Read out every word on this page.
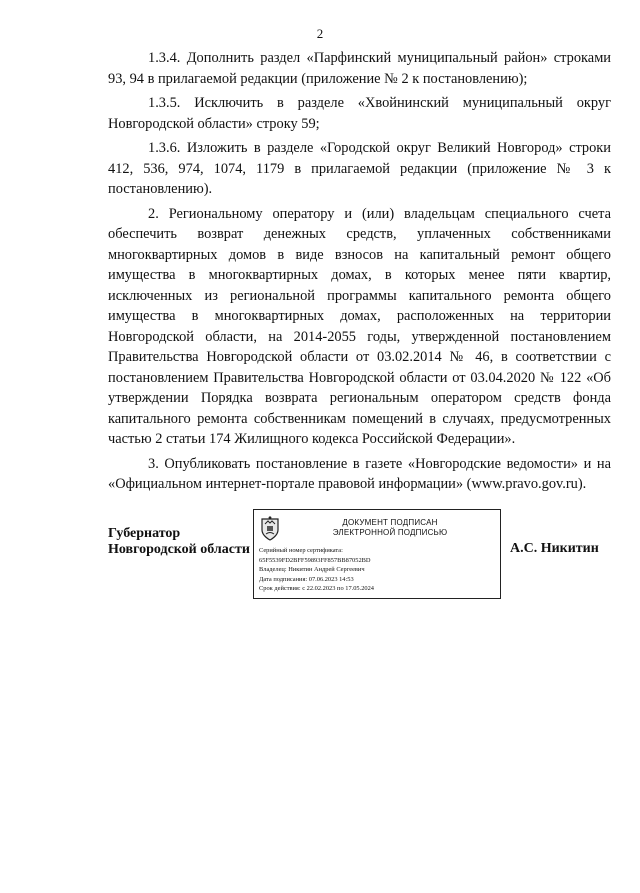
2

1.3.4. Дополнить раздел «Парфинский муниципальный район» строками 93, 94 в прилагаемой редакции (приложение № 2 к постановлению);

1.3.5. Исключить в разделе «Хвойнинский муниципальный округ Новгородской области» строку 59;

1.3.6. Изложить в разделе «Городской округ Великий Новгород» строки 412, 536, 974, 1074, 1179 в прилагаемой редакции (приложение № 3 к постановлению).

2. Региональному оператору и (или) владельцам специального счета обеспечить возврат денежных средств, уплаченных собственниками многоквартирных домов в виде взносов на капитальный ремонт общего имущества в многоквартирных домах, в которых менее пяти квартир, исключенных из региональной программы капитального ремонта общего имущества в многоквартирных домах, расположенных на территории Новгородской области, на 2014-2055 годы, утвержденной постановлением Правительства Новгородской области от 03.02.2014 № 46, в соответствии с постановлением Правительства Новгородской области от 03.04.2020 № 122 «Об утверждении Порядка возврата региональным оператором средств фонда капитального ремонта собственникам помещений в случаях, предусмотренных частью 2 статьи 174 Жилищного кодекса Российской Федерации».

3. Опубликовать постановление в газете «Новгородские ведомости» и на «Официальном интернет-портале правовой информации» (www.pravo.gov.ru).

Губернатор
Новгородской области
ДОКУМЕНТ ПОДПИСАН
ЭЛЕКТРОННОЙ ПОДПИСЬЮ
Серийный номер сертификата:
65F5539FD2BFF59893FF857BB87052BD
Владелец: Никитин Андрей Сергеевич
Дата подписания: 07.06.2023 14:53
Срок действия: с 22.02.2023 по 17.05.2024
А.С. Никитин
